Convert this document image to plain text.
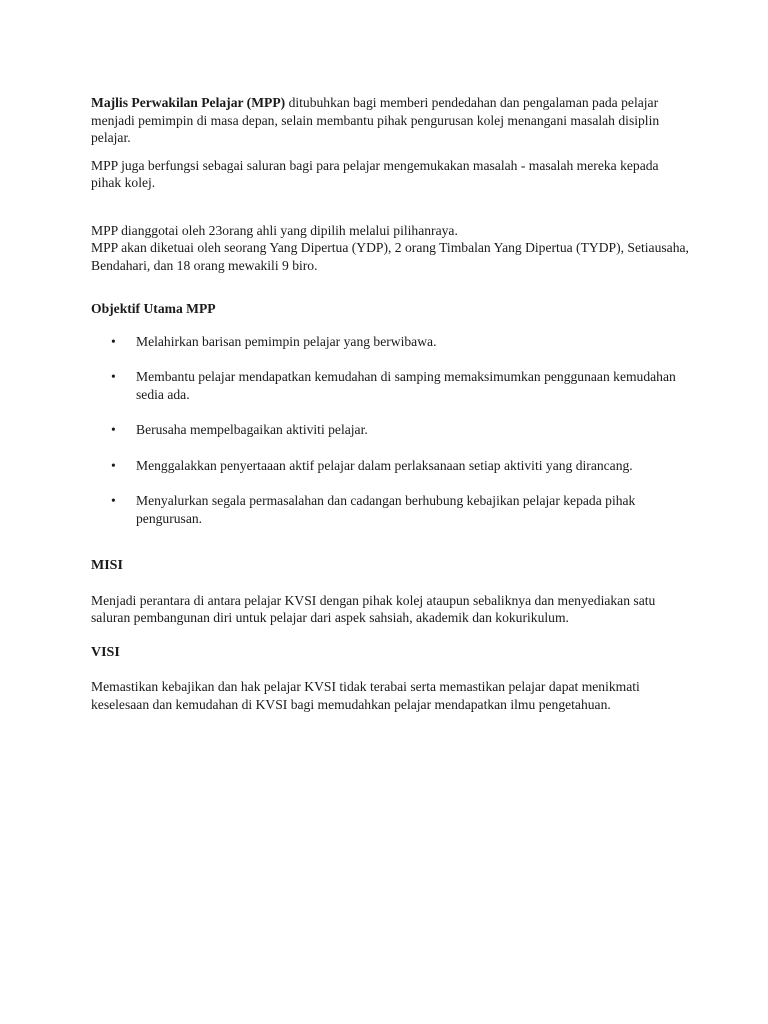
Majlis Perwakilan Pelajar (MPP) ditubuhkan bagi memberi pendedahan dan pengalaman pada pelajar menjadi pemimpin di masa depan, selain membantu pihak pengurusan kolej menangani masalah disiplin pelajar.

MPP juga berfungsi sebagai saluran bagi para pelajar mengemukakan masalah - masalah mereka kepada pihak kolej.

MPP dianggotai oleh 23orang ahli yang dipilih melalui pilihanraya.

MPP akan diketuai oleh seorang Yang Dipertua (YDP), 2 orang Timbalan Yang Dipertua (TYDP), Setiausaha, Bendahari, dan 18 orang mewakili 9 biro.

Objektif Utama MPP

• Melahirkan barisan pemimpin pelajar yang berwibawa.
• Membantu pelajar mendapatkan kemudahan di samping memaksimumkan penggunaan kemudahan sedia ada.
• Berusaha mempelbagaikan aktiviti pelajar.
• Menggalakkan penyertaaan aktif pelajar dalam perlaksanaan setiap aktiviti yang dirancang.
• Menyalurkan segala permasalahan dan cadangan berhubung kebajikan pelajar kepada pihak pengurusan.

MISI

Menjadi perantara di antara pelajar KVSI dengan pihak kolej ataupun sebaliknya dan menyediakan satu saluran pembangunan diri untuk pelajar dari aspek sahsiah, akademik dan kokurikulum.

VISI

Memastikan kebajikan dan hak pelajar KVSI tidak terabai serta memastikan pelajar dapat menikmati keselesaan dan kemudahan di KVSI bagi memudahkan pelajar mendapatkan ilmu pengetahuan.
